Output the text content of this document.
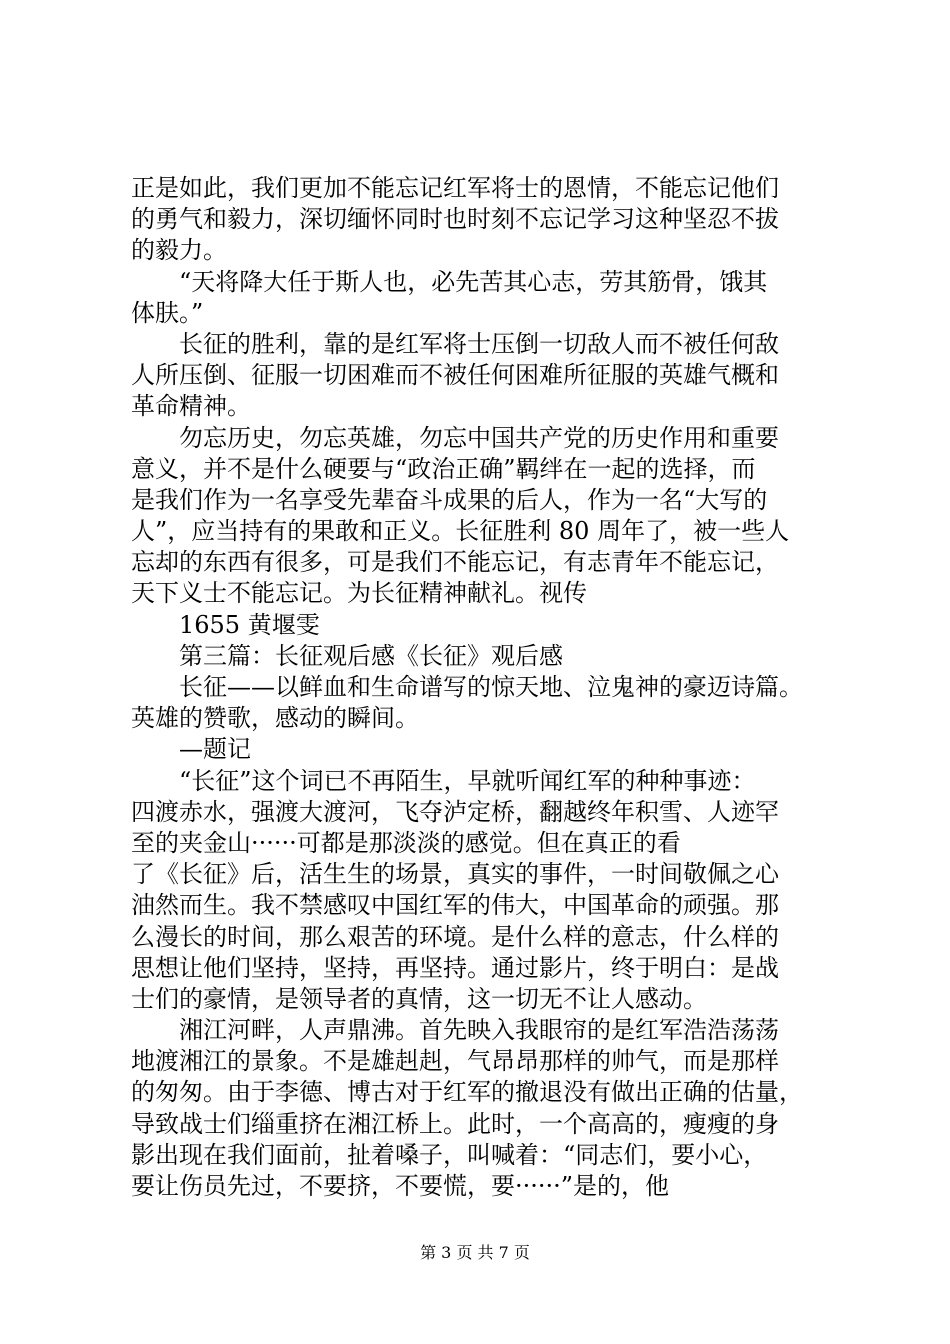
正是如此，我们更加不能忘记红军将士的恩情，不能忘记他们
的勇气和毅力，深切缅怀同时也时刻不忘记学习这种坚忍不拔
的毅力。
　　“天将降大任于斯人也，必先苦其心志，劳其筋骨，饿其
体肤。”
　　长征的胜利，靠的是红军将士压倒一切敌人而不被任何敌
人所压倒、征服一切困难而不被任何困难所征服的英雄气概和
革命精神。
　　勿忘历史，勿忘英雄，勿忘中国共产党的历史作用和重要
意义，并不是什么硬要与“政治正确”羁绊在一起的选择，而
是我们作为一名享受先辈奋斗成果的后人，作为一名“大写的
人”，应当持有的果敢和正义。长征胜利 80 周年了，被一些人
忘却的东西有很多，可是我们不能忘记，有志青年不能忘记，
天下义士不能忘记。为长征精神献礼。视传
　　1655 黄堰雯
　　第三篇：长征观后感《长征》观后感
　　长征——以鲜血和生命谱写的惊天地、泣鬼神的豪迈诗篇。
英雄的赞歌，感动的瞬间。
　　—题记
　　“长征”这个词已不再陌生，早就听闻红军的种种事迹：
四渡赤水，强渡大渡河，飞夺泸定桥，翻越终年积雪、人迹罕
至的夹金山······可都是那淡淡的感觉。但在真正的看
了《长征》后，活生生的场景，真实的事件，一时间敬佩之心
油然而生。我不禁感叹中国红军的伟大，中国革命的顽强。那
么漫长的时间，那么艰苦的环境。是什么样的意志，什么样的
思想让他们坚持，坚持，再坚持。通过影片，终于明白：是战
士们的豪情，是领导者的真情，这一切无不让人感动。
　　湘江河畔，人声鼎沸。首先映入我眼帘的是红军浩浩荡荡
地渡湘江的景象。不是雄赳赳，气昂昂那样的帅气，而是那样
的匆匆。由于李德、博古对于红军的撤退没有做出正确的估量，
导致战士们缁重挤在湘江桥上。此时，一个高高的，瘦瘦的身
影出现在我们面前，扯着嗓子，叫喊着：“同志们，要小心，
要让伤员先过，不要挤，不要慌，要······”是的，他
第 3 页 共 7 页
